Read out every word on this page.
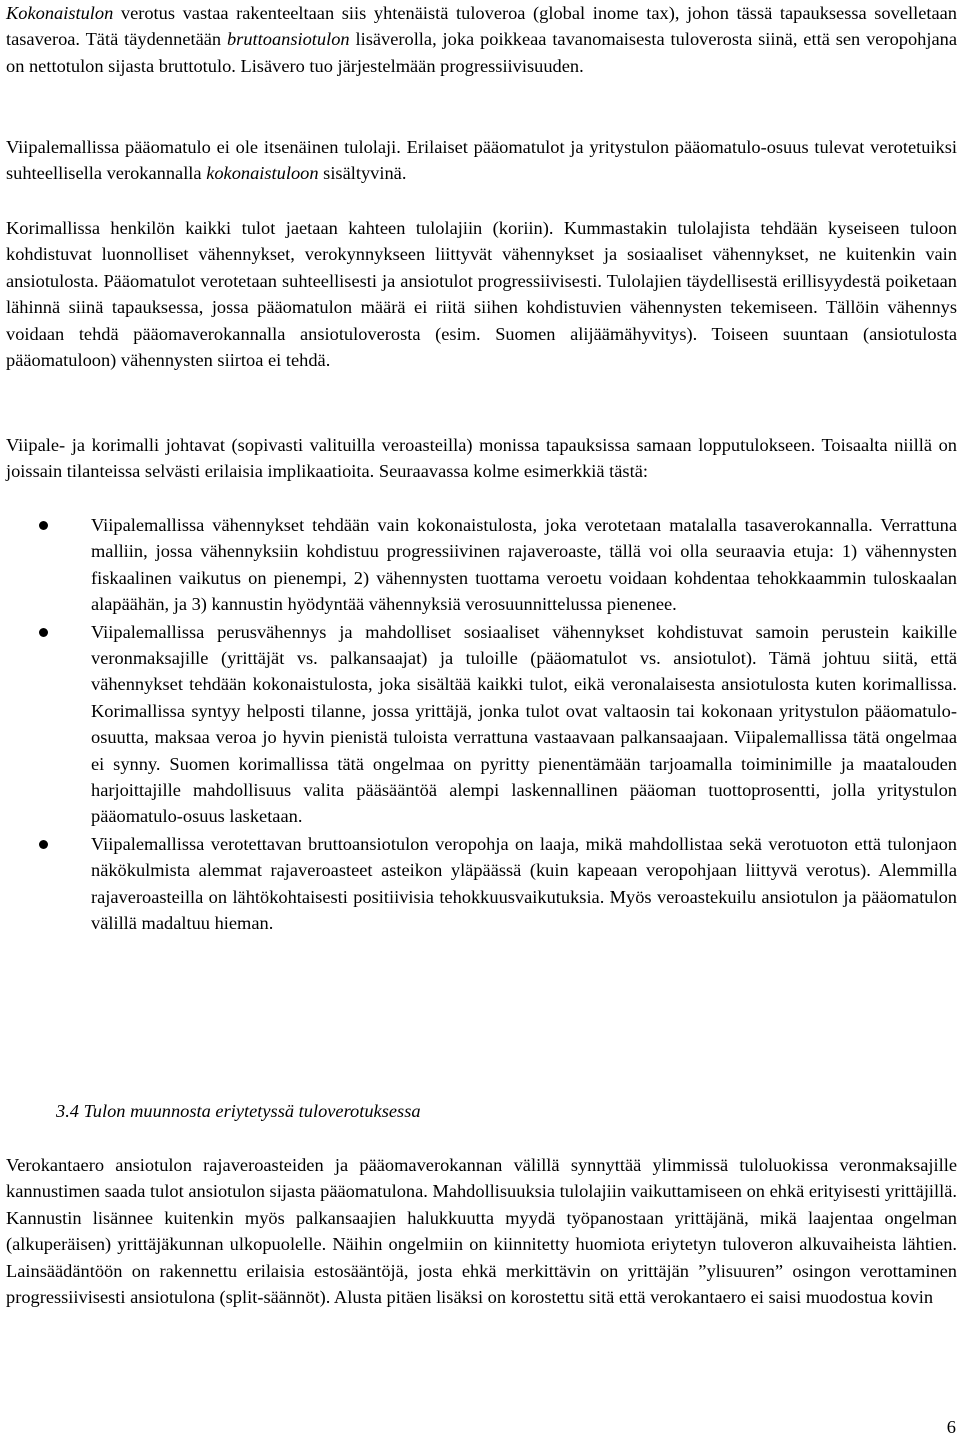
Kokonaistulon verotus vastaa rakenteeltaan siis yhtenäistä tuloveroa (global inome tax), johon tässä tapauksessa sovelletaan tasaveroa. Tätä täydennetään bruttoansiotulon lisäverolla, joka poikkeaa tavanomaisesta tuloverosta siinä, että sen veropohjana on nettotulon sijasta bruttotulo. Lisävero tuo järjestelmään progressiivisuuden.

Viipalemallissa pääomatulo ei ole itsenäinen tulolaji. Erilaiset pääomatulot ja yritystulon pääomatulo-osuus tulevat verotetuiksi suhteellisella verokannalla kokonaistuloon sisältyvinä.

Korimallissa henkilön kaikki tulot jaetaan kahteen tulolajiin (koriin). Kummastakin tulolajista tehdään kyseiseen tuloon kohdistuvat luonnolliset vähennykset, verokynnykseen liittyvät vähennykset ja sosiaaliset vähennykset, ne kuitenkin vain ansiotulosta. Pääomatulot verotetaan suhteellisesti ja ansiotulot progressiivisesti. Tulolajien täydellisestä erillisyydestä poiketaan lähinnä siinä tapauksessa, jossa pääomatulon määrä ei riitä siihen kohdistuvien vähennysten tekemiseen. Tällöin vähennys voidaan tehdä pääomaverokannalla ansiotuloverosta (esim. Suomen alijäämähyvitys). Toiseen suuntaan (ansiotulosta pääomatuloon) vähennysten siirtoa ei tehdä.

Viipale- ja korimalli johtavat (sopivasti valituilla veroasteilla) monissa tapauksissa samaan lopputulokseen. Toisaalta niillä on joissain tilanteissa selvästi erilaisia implikaatioita. Seuraavassa kolme esimerkkiä tästä:

Viipalemallissa vähennykset tehdään vain kokonaistulosta, joka verotetaan matalalla tasaverokannalla. Verrattuna malliin, jossa vähennyksiin kohdistuu progressiivinen rajaveroaste, tällä voi olla seuraavia etuja: 1) vähennysten fiskaalinen vaikutus on pienempi, 2) vähennysten tuottama veroetu voidaan kohdentaa tehokkaammin tuloskaalan alapäähän, ja 3) kannustin hyödyntää vähennyksiä verosuunnittelussa pienenee.
Viipalemallissa perusvähennys ja mahdolliset sosiaaliset vähennykset kohdistuvat samoin perustein kaikille veronmaksajille (yrittäjät vs. palkansaajat) ja tuloille (pääomatulot vs. ansiotulot). Tämä johtuu siitä, että vähennykset tehdään kokonaistulosta, joka sisältää kaikki tulot, eikä veronalaisesta ansiotulosta kuten korimallissa. Korimallissa syntyy helposti tilanne, jossa yrittäjä, jonka tulot ovat valtaosin tai kokonaan yritystulon pääomatulo-osuutta, maksaa veroa jo hyvin pienistä tuloista verrattuna vastaavaan palkansaajaan. Viipalemallissa tätä ongelmaa ei synny. Suomen korimallissa tätä ongelmaa on pyritty pienentämään tarjoamalla toiminimille ja maatalouden harjoittajille mahdollisuus valita pääsääntöä alempi laskennallinen pääoman tuottoprosentti, jolla yritystulon pääomatulo-osuus lasketaan.
Viipalemallissa verotettavan bruttoansiotulon veropohja on laaja, mikä mahdollistaa sekä verotuoton että tulonjaon näkökulmista alemmat rajaveroasteet asteikon yläpäässä (kuin kapeaan veropohjaan liittyvä verotus). Alemmilla rajaveroasteilla on lähtökohtaisesti positiivisia tehokkuusvaikutuksia. Myös veroastekuilu ansiotulon ja pääomatulon välillä madaltuu hieman.
3.4 Tulon muunnosta eriytetyssä tuloverotuksessa

Verokantaero ansiotulon rajaveroasteiden ja pääomaverokannan välillä synnyttää ylimmissä tuloluokissa veronmaksajille kannustimen saada tulot ansiotulon sijasta pääomatulona. Mahdollisuuksia tulolajiin vaikuttamiseen on ehkä erityisesti yrittäjillä. Kannustin lisännee kuitenkin myös palkansaajien halukkuutta myydä työpanostaan yrittäjänä, mikä laajentaa ongelman (alkuperäisen) yrittäjäkunnan ulkopuolelle. Näihin ongelmiin on kiinnitetty huomiota eriytetyn tuloveron alkuvaiheista lähtien. Lainsäädäntöön on rakennettu erilaisia estosääntöjä, josta ehkä merkittävin on yrittäjän ”ylisuuren” osingon verottaminen progressiivisesti ansiotulona (split-säännöt). Alusta pitäen lisäksi on korostettu sitä että verokantaero ei saisi muodostua kovin

6
